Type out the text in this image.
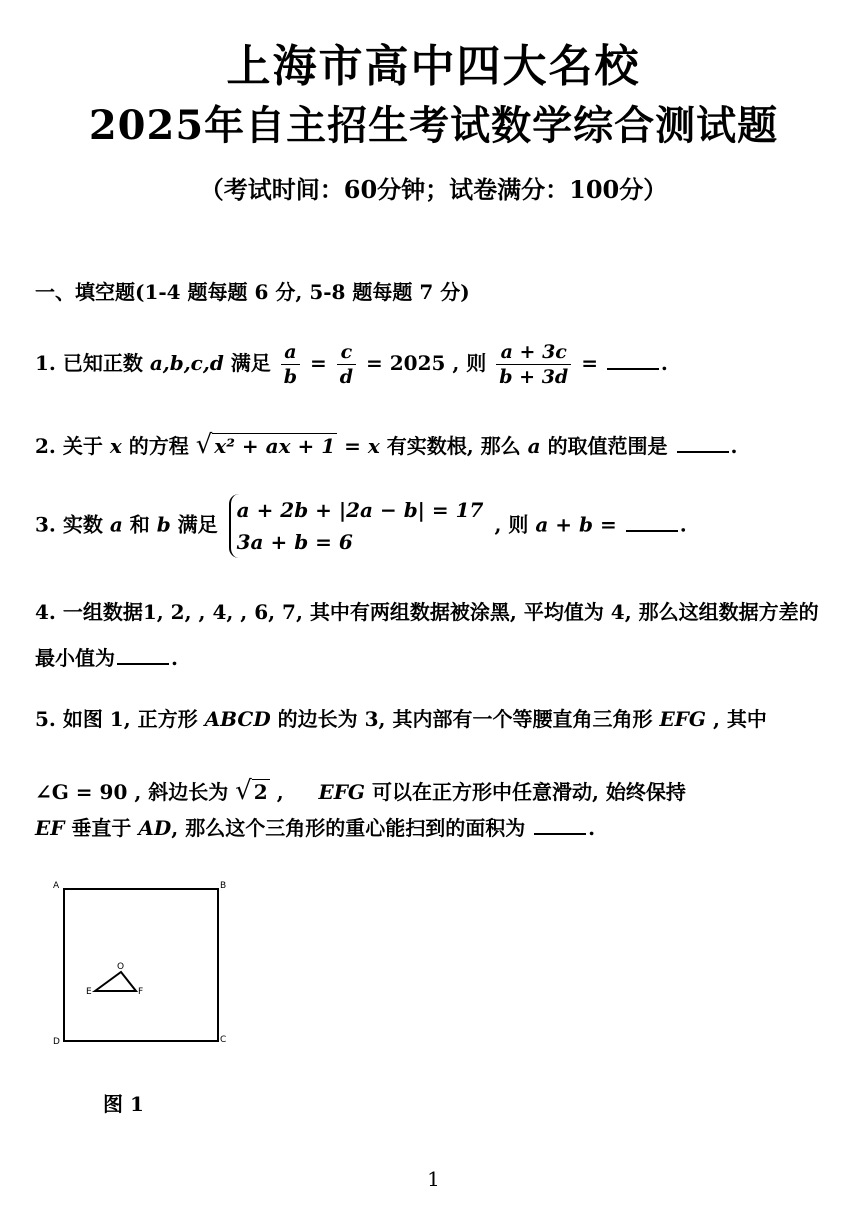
上海市高中四大名校
2025年自主招生考试数学综合测试题
（考试时间：60分钟；试卷满分：100分）
一、填空题(1-4 题每题 6 分, 5-8 题每题 7 分)
1. 已知正数 a,b,c,d 满足 $\frac{a}{b} = \frac{c}{d} = 2025$ , 则 $\frac{a + 3c}{b + 3d}$ =	.
2. 关于 x 的方程 √ x² + ax + 1 = x 有实数根, 那么 a 的取值范围是	.
3. 实数 a 和 b 满足
a + 2b + |2a − b| = 17
3a + b = 6
, 则 a + b =	.
4. 一组数据1, 2, , 4, , 6, 7, 其中有两组数据被涂黑, 平均值为 4, 那么这组数据方差的
最小值为	.
5. 如图 1, 正方形 ABCD 的边长为 3, 其内部有一个等腰直角三角形 EFG , 其中
∠G = 90 , 斜边长为 √ 2 , EFG 可以在正方形中任意滑动, 始终保持
EF 垂直于 AD, 那么这个三角形的重心能扫到的面积为	.
A	B
C
D
E	F
O
图 1
1
